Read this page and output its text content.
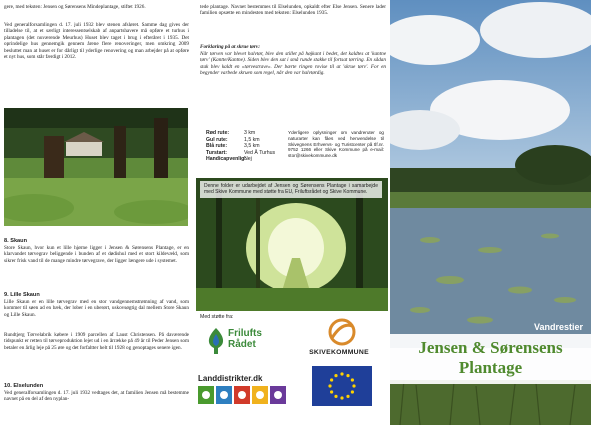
gere, med teksten: Jensen og Sørensens Mindeplantage, stiftet 1926.

Ved generalforsamlingen d. 17. juli 1932 blev stenen afsløret. Samme dag gives der tilladelse til, at et særligt interessentselskab af anpartshavere må opføre et turhus i plantagen (det nuværende Meurhus) Huset blev taget i brug i efteråret i 1935. Det oprindelige hus gennemgik gennem årene flere renoveringer, men omkring 2009 besluttet man at huset er for dårligt til yderlige renovering og man arbejder på at opføre et nyt hus, som står færdigt i 2012.

8. Skaun

Store Skaun, hvor kun et lille hjørne ligger i Jensen & Sørensens Plantage, er en klarvandet tørvegrav beliggende i bunden af et dødishul med et stort kildevæld, som sikrer frisk vand til de mange mindre tørvegrave, der ligger længere ude i systemet.

9. Lille Skaun

Lille Skaun er en lille tørvegrav med en stor vandgennemstrømning af vand, som kommer til søen ad en bæk, der lober i en uberørt, uskovsøgtig dal mellem Store Skaun og Lille Skaun.

Rundtjerg Tørvelabrik købere i 1909 parcellen af Laust Christensen. På daværende tidspunkt er retten til tørveproduktion lejet ud i en årrække på 49 år til Peder Jensen som betaler en årlig leje på 25 øre og det forfaltter helt til 1928 og genoptages senere igen.

10. Elselunden

Ved generalforsamlingen d. 17. juli 1932 vedtages det, at familien Jensen må bestemme navnet på en del af den nyplan-

tede plantage. Navnet bestemmes til Elselunden, opkaldt efter Else Jensen. Senere lader familien opsætte en mindesten med teksten: Elselunden 1935.

Forklaring på at skrue tørv:

Når tørven var blevet halvtør, blev den stillet på højkant i bedet, det kaldtes at 'kantne tørv' (Kantte/Kantne). Siden blev den sat i små runde stakke til fortsat tørring. En sådan stak blev kaldt en »tørvestrave«. Der bærte ringen rovise til at 'skrue tørv'. For en begynder varbede skruen som regel, når den var halvtørdig.

Rød rute:	3 km
Gul rute:	1,5 km
Blå rute:	3,5 km
Turstart:	Ved Å Turhus
Handicapvenlig:Nej

Yderligere oplysninger om vandreruter og naturarter kan fåes ved henvendelse til Skivegnens Erhvervs- og Turistcenter på tlf.nr. 9752 1266 eller Skive Kommune på e-mail: stor@skivekommune.dk

Denne folder er udarbejdet af Jensen og Sørensens Plantage i samarbejde med Skive Kommune med støtte fra EU, Friluftsrådet og Skive Kommune.

Med støtte fra:
Frilufts
Rådet
SKIVEKOMMUNE
Landdistrikter.dk
Vandrestier
Jensen & Sørensens
Plantage
